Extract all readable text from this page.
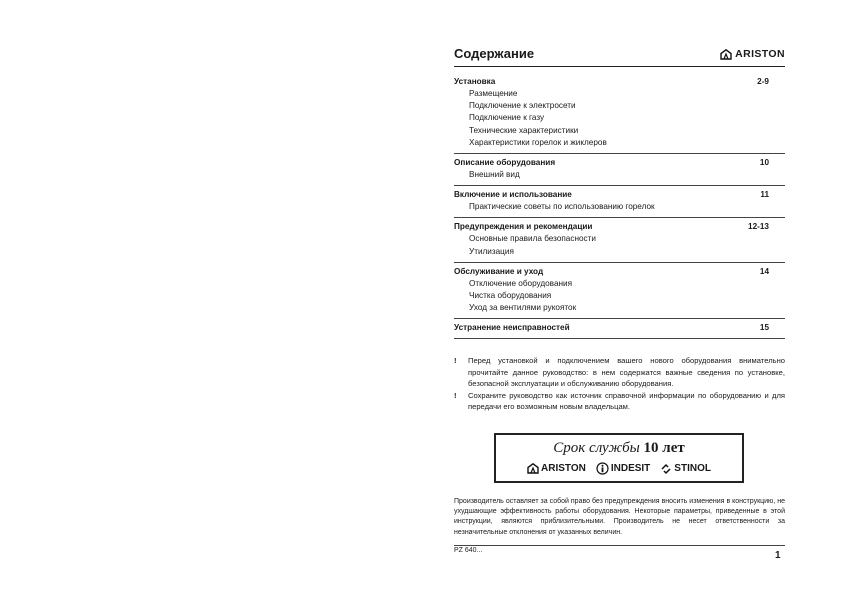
Содержание	ARISTON
Установка	2-9
Размещение
Подключение к электросети
Подключение к газу
Технические характеристики
Характеристики горелок и жиклеров
Описание оборудования	10
Внешний вид
Включение и использование	11
Практические советы по использованию горелок
Предупреждения и рекомендации	12-13
Основные правила безопасности
Утилизация
Обслуживание и уход	14
Отключение оборудования
Чистка оборудования
Уход за вентилями рукояток
Устранение неисправностей	15
!	Перед установкой и подключением вашего нового оборудования внимательно прочитайте данное руководство: в нем содержатся важные сведения по установке, безопасной эксплуатации и обслуживанию оборудования.
!	Сохраните руководство как источник справочной информации по оборудованию и для передачи его возможным новым владельцам.
Срок службы 10 лет
ARISTON	INDESIT STINOL
Производитель оставляет за собой право без предупреждения вносить изменения в конструкцию, не ухудшающие эффективность работы оборудования. Некоторые параметры, приведенные в этой инструкции, являются приблизительными. Производитель не несет ответственности за незначительные отклонения от указанных величин.
PZ 640...	1
